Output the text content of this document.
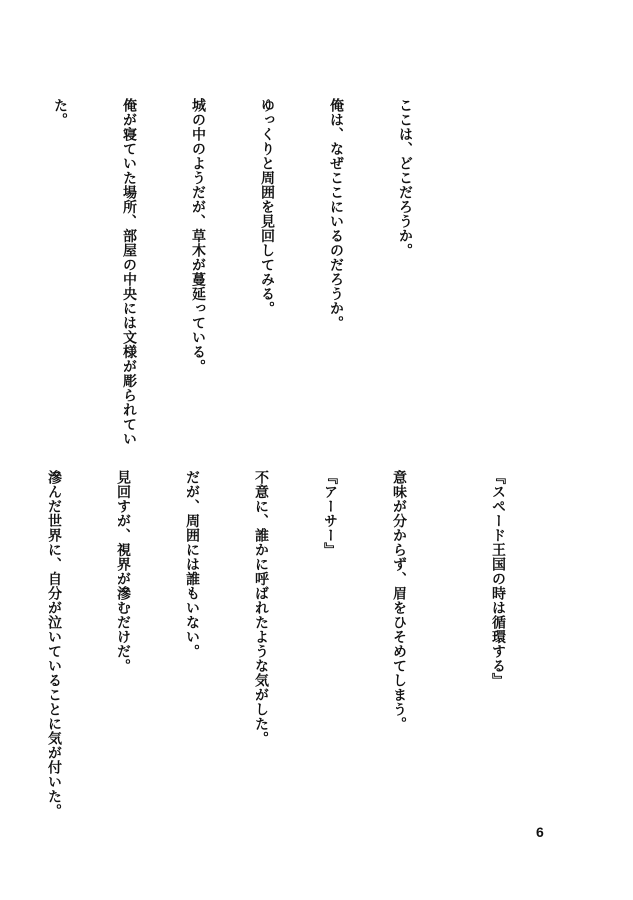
ここは、どこだろうか。

俺は、なぜここにいるのだろうか。

ゆっくりと周囲を見回してみる。

城の中のようだが、草木が蔓延っている。

俺が寝ていた場所、部屋の中央には文様が彫られてい

た。

『スペード王国の時は循環する』

意味が分からず、眉をひそめてしまう。

『アーサー』

不意に、誰かに呼ばれたような気がした。

だが、周囲には誰もいない。

見回すが、視界が滲むだけだ。

滲んだ世界に、自分が泣いていることに気が付いた。

6
